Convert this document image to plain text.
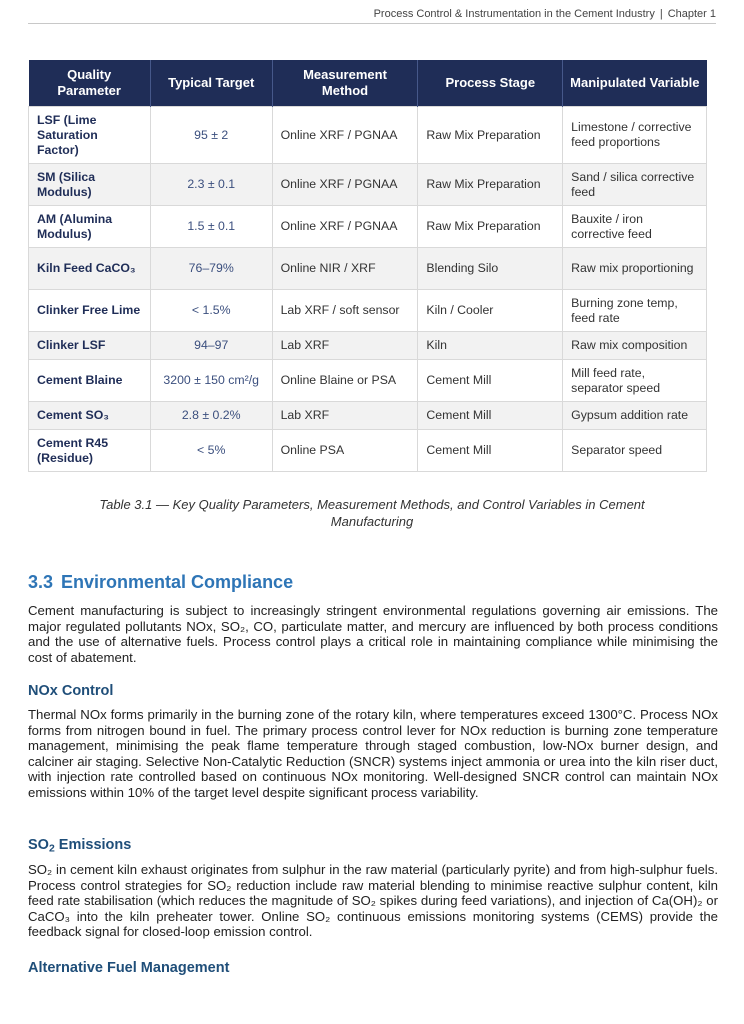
Process Control & Instrumentation in the Cement Industry | Chapter 1
Quality Parameter	Typical Target	Measurement Method	Process Stage	Manipulated Variable
LSF (Lime Saturation Factor)	95 ± 2	Online XRF / PGNAA	Raw Mix Preparation	Limestone / corrective feed proportions
SM (Silica Modulus)	2.3 ± 0.1	Online XRF / PGNAA	Raw Mix Preparation	Sand / silica corrective feed
AM (Alumina Modulus)	1.5 ± 0.1	Online XRF / PGNAA	Raw Mix Preparation	Bauxite / iron corrective feed
Kiln Feed CaCO₃	76–79%	Online NIR / XRF	Blending Silo	Raw mix proportioning
Clinker Free Lime	< 1.5%	Lab XRF / soft sensor	Kiln / Cooler	Burning zone temp, feed rate
Clinker LSF	94–97	Lab XRF	Kiln	Raw mix composition
Cement Blaine	3200 ± 150 cm²/g	Online Blaine or PSA	Cement Mill	Mill feed rate, separator speed
Cement SO₃	2.8 ± 0.2%	Lab XRF	Cement Mill	Gypsum addition rate
Cement R45 (Residue)	< 5%	Online PSA	Cement Mill	Separator speed
Table 3.1 — Key Quality Parameters, Measurement Methods, and Control Variables in Cement Manufacturing
3.3 Environmental Compliance

Cement manufacturing is subject to increasingly stringent environmental regulations governing air emissions. The major regulated pollutants NOx, SO₂, CO, particulate matter, and mercury are influenced by both process conditions and the use of alternative fuels. Process control plays a critical role in maintaining compliance while minimising the cost of abatement.

NOx Control

Thermal NOx forms primarily in the burning zone of the rotary kiln, where temperatures exceed 1300°C. Process NOx forms from nitrogen bound in fuel. The primary process control lever for NOx reduction is burning zone temperature management, minimising the peak flame temperature through staged combustion, low-NOx burner design, and calciner air staging. Selective Non-Catalytic Reduction (SNCR) systems inject ammonia or urea into the kiln riser duct, with injection rate controlled based on continuous NOx monitoring. Well-designed SNCR control can maintain NOx emissions within 10% of the target level despite significant process variability.

$SO_2$ Emissions

SO₂ in cement kiln exhaust originates from sulphur in the raw material (particularly pyrite) and from high-sulphur fuels. Process control strategies for SO₂ reduction include raw material blending to minimise reactive sulphur content, kiln feed rate stabilisation (which reduces the magnitude of SO₂ spikes during feed variations), and injection of Ca(OH)₂ or CaCO₃ into the kiln preheater tower. Online SO₂ continuous emissions monitoring systems (CEMS) provide the feedback signal for closed-loop emission control.

Alternative Fuel Management
